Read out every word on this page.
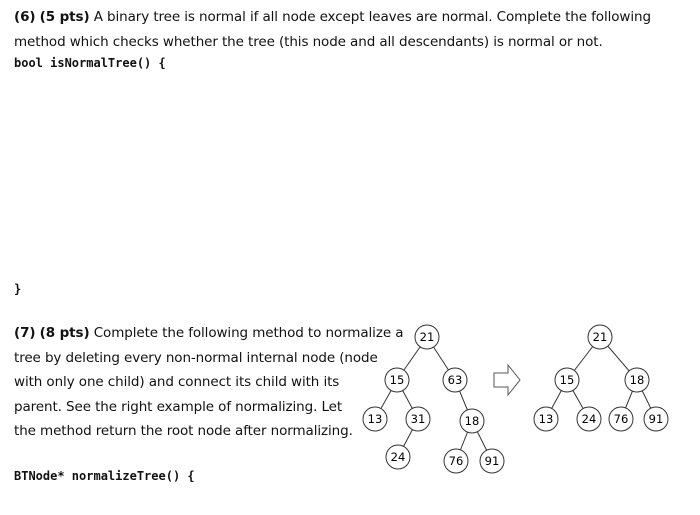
(6) (5 pts) A binary tree is normal if all node except leaves are normal. Complete the following
method which checks whether the tree (this node and all descendants) is normal or not.
bool isNormalTree() {
}
(7) (8 pts) Complete the following method to normalize a
tree by deleting every non-normal internal node (node
with only one child) and connect its child with its
parent. See the right example of normalizing. Let
the method return the root node after normalizing.
BTNode* normalizeTree() {
21
15	63
13 31	18
24	76 91
21
15	18
13 24 76 91
